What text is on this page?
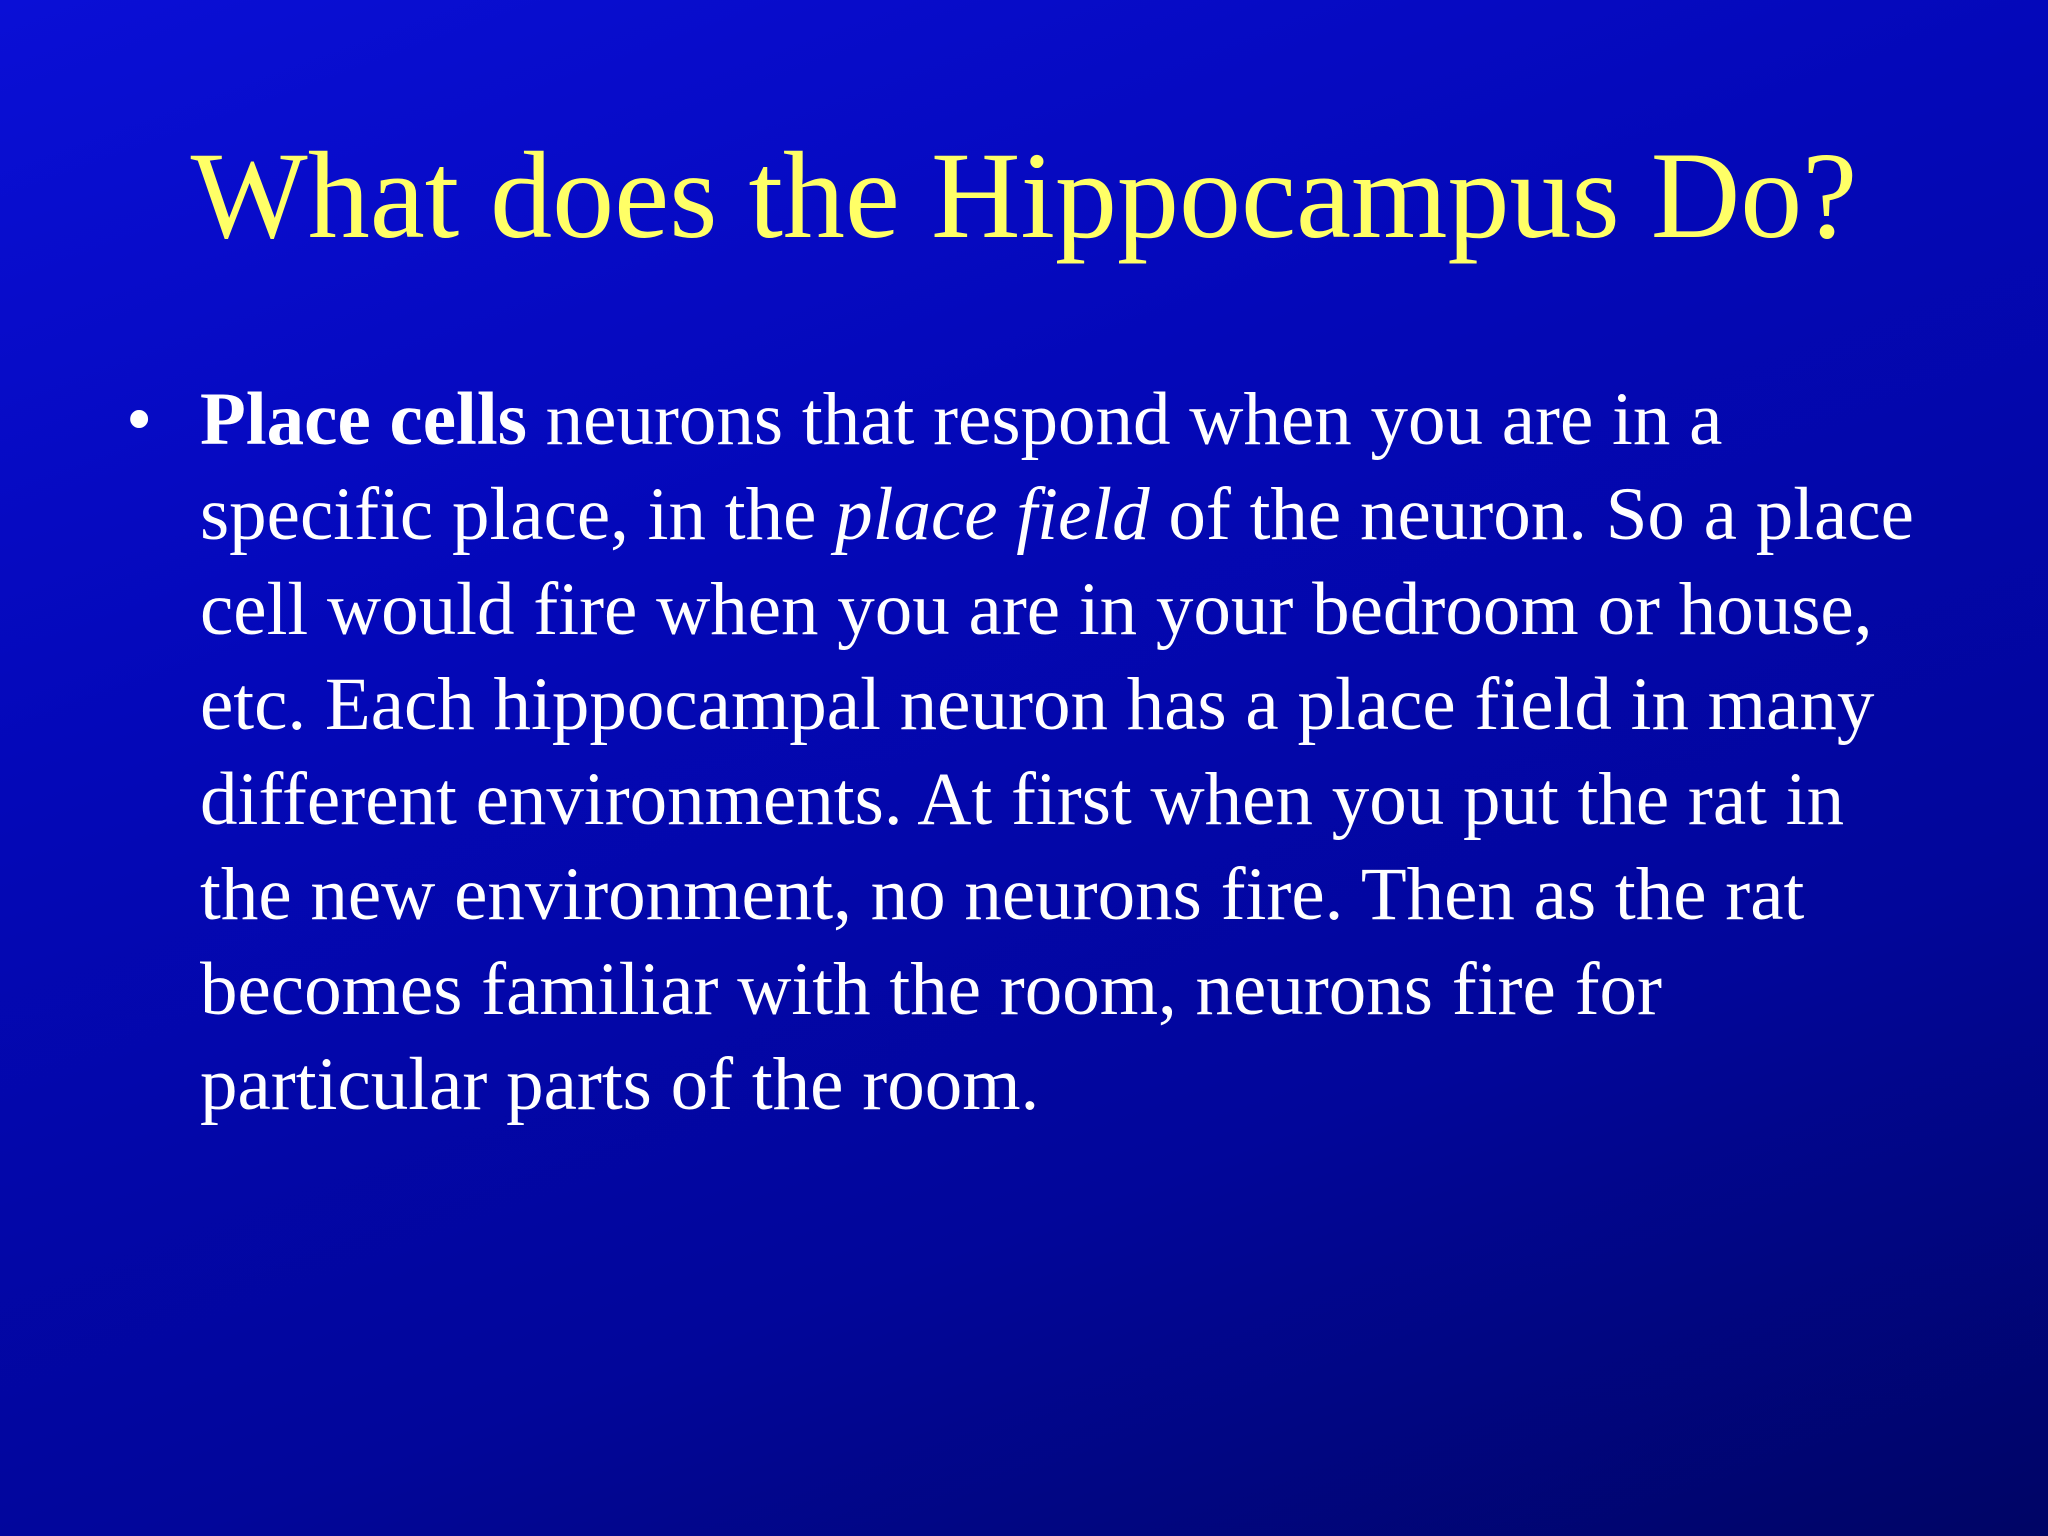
What does the Hippocampus Do?
• Place cells neurons that respond when you are in a specific place, in the place field of the neuron. So a place cell would fire when you are in your bedroom or house, etc. Each hippocampal neuron has a place field in many different environments. At first when you put the rat in the new environment, no neurons fire. Then as the rat becomes familiar with the room, neurons fire for particular parts of the room.
